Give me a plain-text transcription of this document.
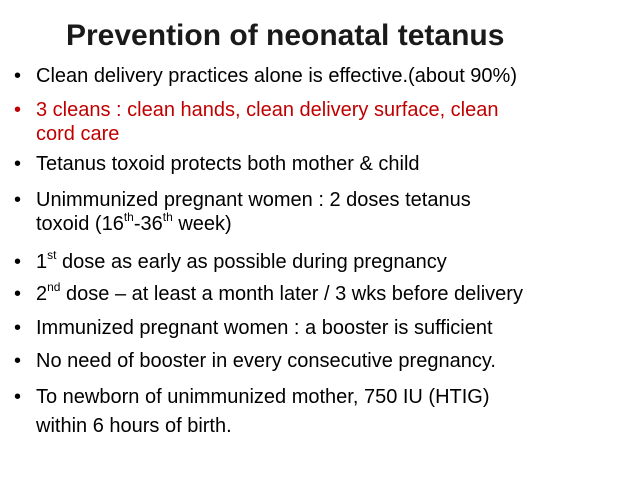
Prevention of neonatal tetanus
• Clean delivery practices alone is effective.(about 90%)
• 3 cleans : clean hands, clean delivery surface, clean
cord care
• Tetanus toxoid protects both mother & child
• Unimmunized pregnant women : 2 doses tetanus
toxoid (16th-36th week)
• 1st dose as early as possible during pregnancy
• 2nd dose – at least a month later / 3 wks before delivery
• Immunized pregnant women : a booster is sufficient
• No need of booster in every consecutive pregnancy.
• To newborn of unimmunized mother, 750 IU (HTIG)
within 6 hours of birth.
